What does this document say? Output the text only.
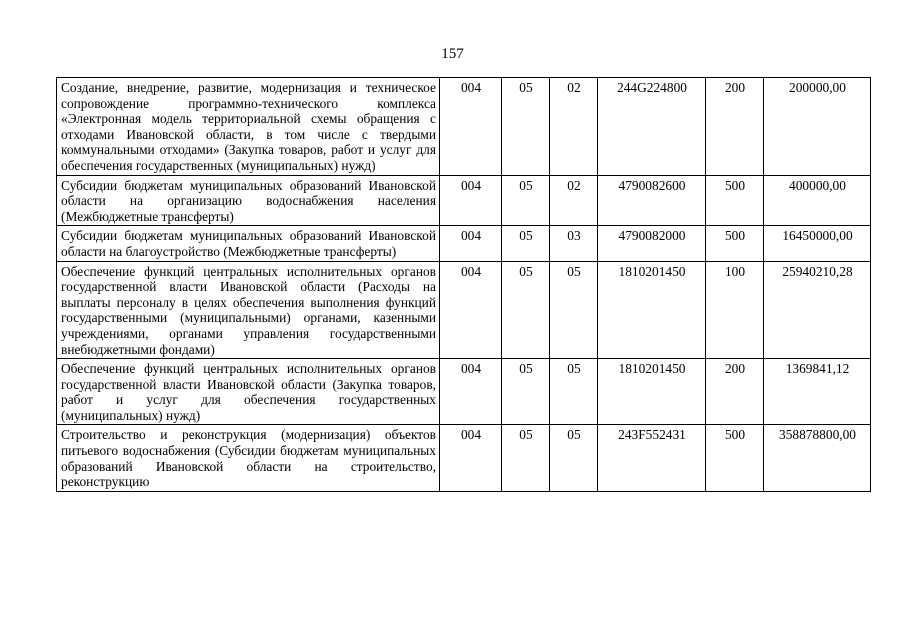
157
Создание, внедрение, развитие, модернизация и техническое сопровождение программно-технического комплекса «Электронная модель территориальной схемы обращения с отходами Ивановской области, в том числе с твердыми коммунальными отходами» (Закупка товаров, работ и услуг для обеспечения государственных (муниципальных) нужд)	004	05	02	244G224800	200	200000,00
Субсидии бюджетам муниципальных образований Ивановской области на организацию водоснабжения населения (Межбюджетные трансферты)	004	05	02	4790082600	500	400000,00
Субсидии бюджетам муниципальных образований Ивановской области на благоустройство (Межбюджетные трансферты)	004	05	03	4790082000	500	16450000,00
Обеспечение функций центральных исполнительных органов государственной власти Ивановской области (Расходы на выплаты персоналу в целях обеспечения выполнения функций государственными (муниципальными) органами, казенными учреждениями, органами управления государственными внебюджетными фондами)	004	05	05	1810201450	100	25940210,28
Обеспечение функций центральных исполнительных органов государственной власти Ивановской области (Закупка товаров, работ и услуг для обеспечения государственных (муниципальных) нужд)	004	05	05	1810201450	200	1369841,12
Строительство и реконструкция (модернизация) объектов питьевого водоснабжения (Субсидии бюджетам муниципальных образований Ивановской области на строительство, реконструкцию	004	05	05	243F552431	500	358878800,00
